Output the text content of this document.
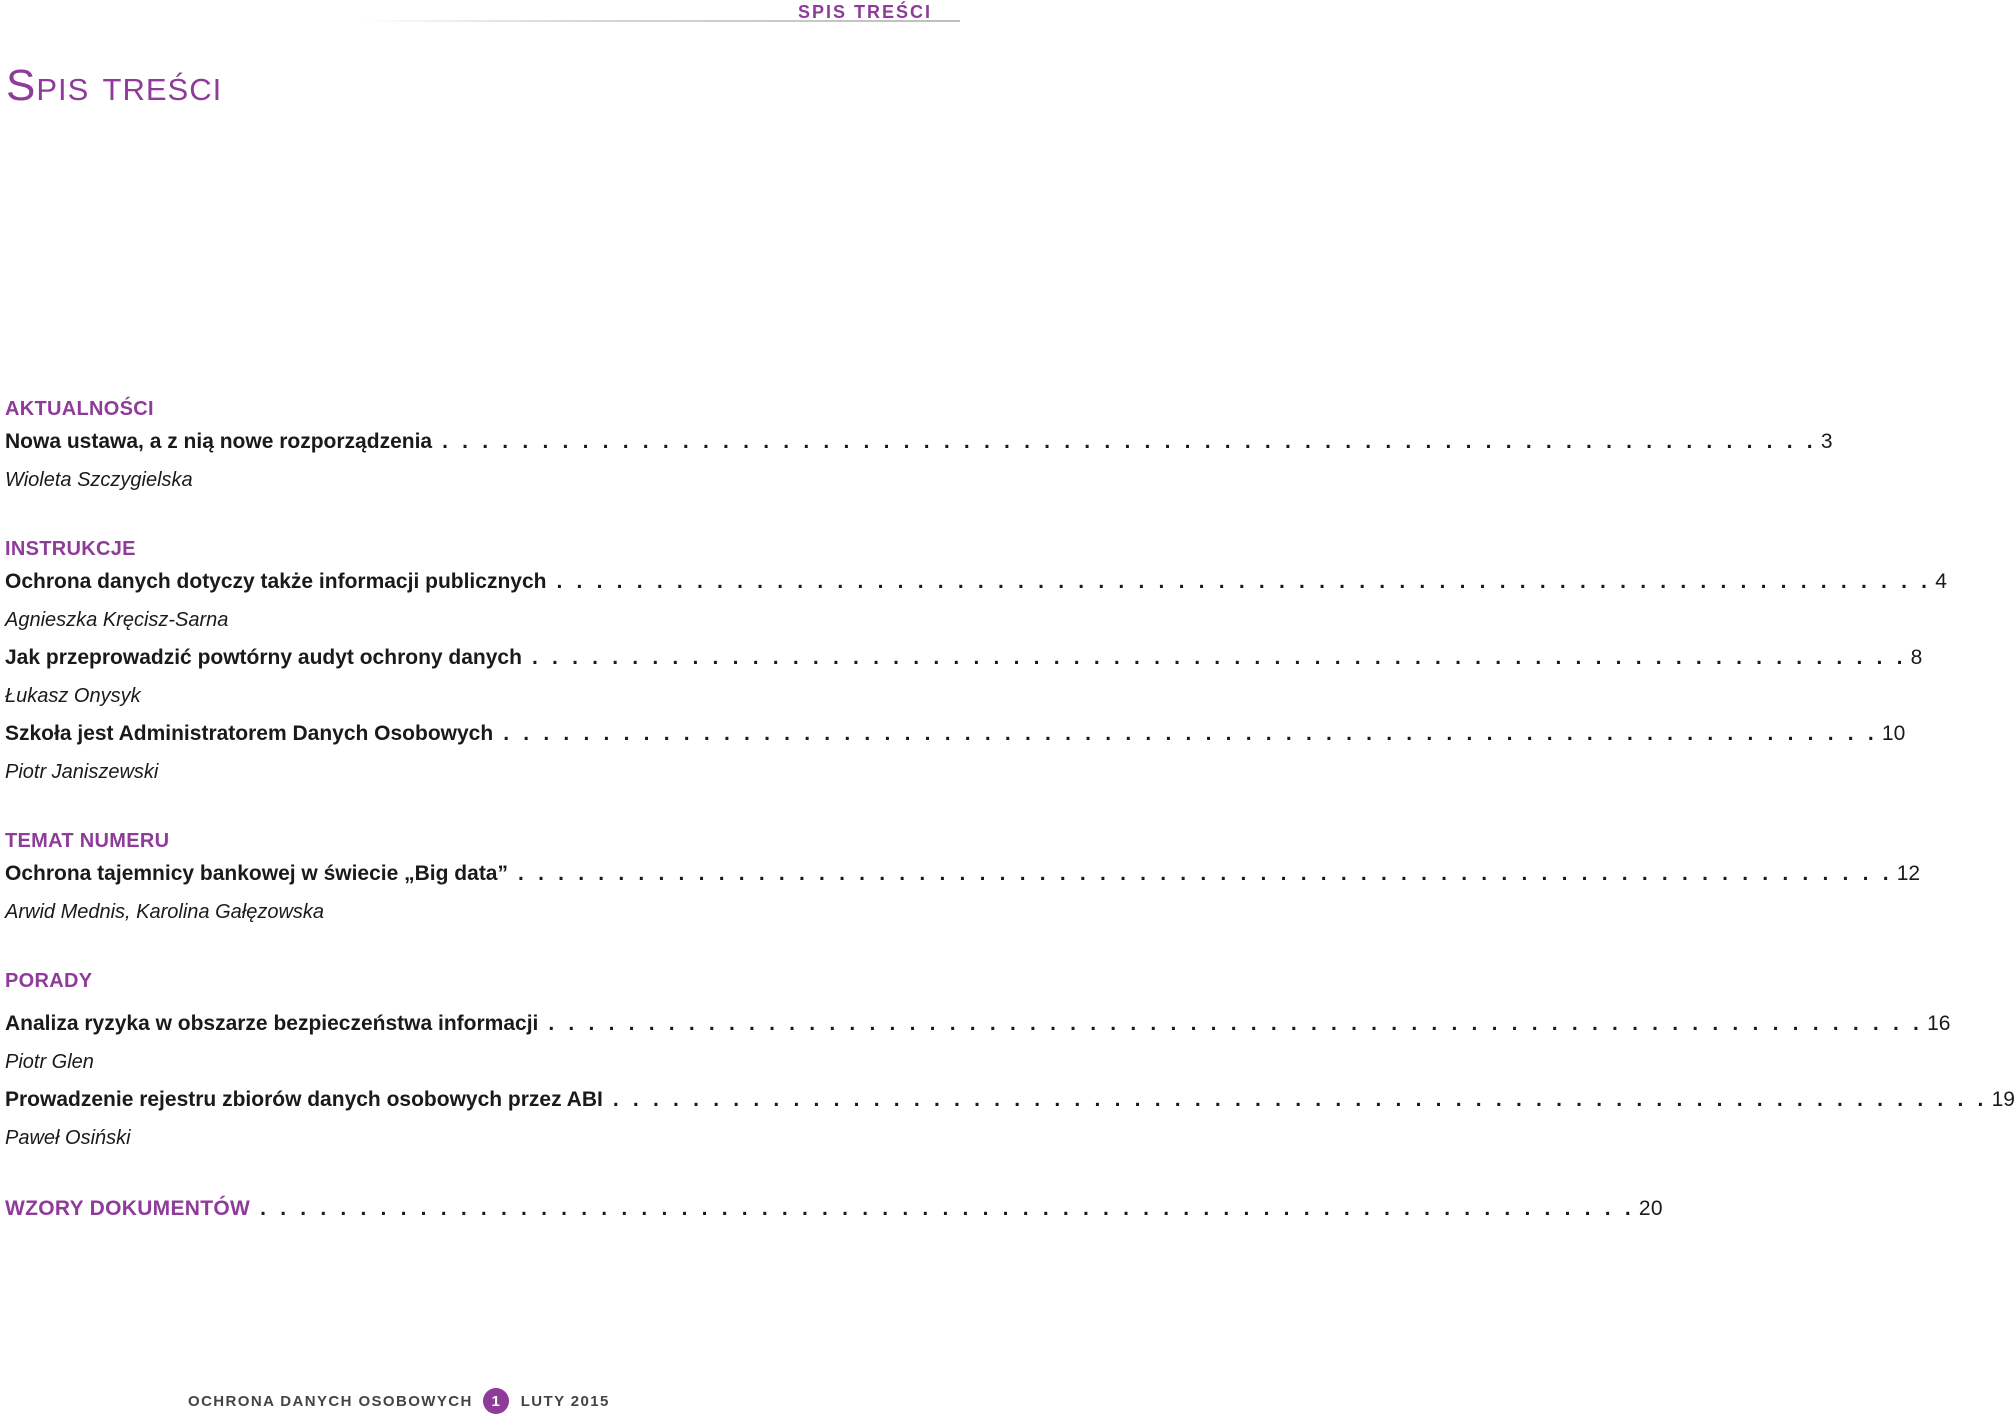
SPIS TREŚCI
Spis treści
AKTUALNOŚCI
Nowa ustawa, a z nią nowe rozporządzenia . . . . . . . . . . . . . . . . . . . . . . . . . . . . . . . . . . . . . . . . . . . . . . . . . . . . . . . . . . . . . . . . . . . . . 3
Wioleta Szczygielska
INSTRUKCJE
Ochrona danych dotyczy także informacji publicznych . . . . . . . . . . . . . . . . . . . . . . . . . . . . . . . . . . . . . . . . . . . . . . . . . . . . . . . . . . . . . . . . . . . . . 4
Agnieszka Kręcisz-Sarna
Jak przeprowadzić powtórny audyt ochrony danych . . . . . . . . . . . . . . . . . . . . . . . . . . . . . . . . . . . . . . . . . . . . . . . . . . . . . . . . . . . . . . . . . . . . . 8
Łukasz Onysyk
Szkoła jest Administratorem Danych Osobowych . . . . . . . . . . . . . . . . . . . . . . . . . . . . . . . . . . . . . . . . . . . . . . . . . . . . . . . . . . . . . . . . . . . . . 10
Piotr Janiszewski
TEMAT NUMERU
Ochrona tajemnicy bankowej w świecie „Big data” . . . . . . . . . . . . . . . . . . . . . . . . . . . . . . . . . . . . . . . . . . . . . . . . . . . . . . . . . . . . . . . . . . . . . 12
Arwid Mednis, Karolina Gałęzowska
PORADY
Analiza ryzyka w obszarze bezpieczeństwa informacji . . . . . . . . . . . . . . . . . . . . . . . . . . . . . . . . . . . . . . . . . . . . . . . . . . . . . . . . . . . . . . . . . . . . . 16
Piotr Glen
Prowadzenie rejestru zbiorów danych osobowych przez ABI . . . . . . . . . . . . . . . . . . . . . . . . . . . . . . . . . . . . . . . . . . . . . . . . . . . . . . . . . . . . . . . . . . . . . 19
Paweł Osiński
WZORY DOKUMENTÓW . . . . . . . . . . . . . . . . . . . . . . . . . . . . . . . . . . . . . . . . . . . . . . . . . . . . . . . . . . . . . . . . . . . . . 20
OCHRONA DANYCH OSOBOWYCH	1	LUTY 2015
